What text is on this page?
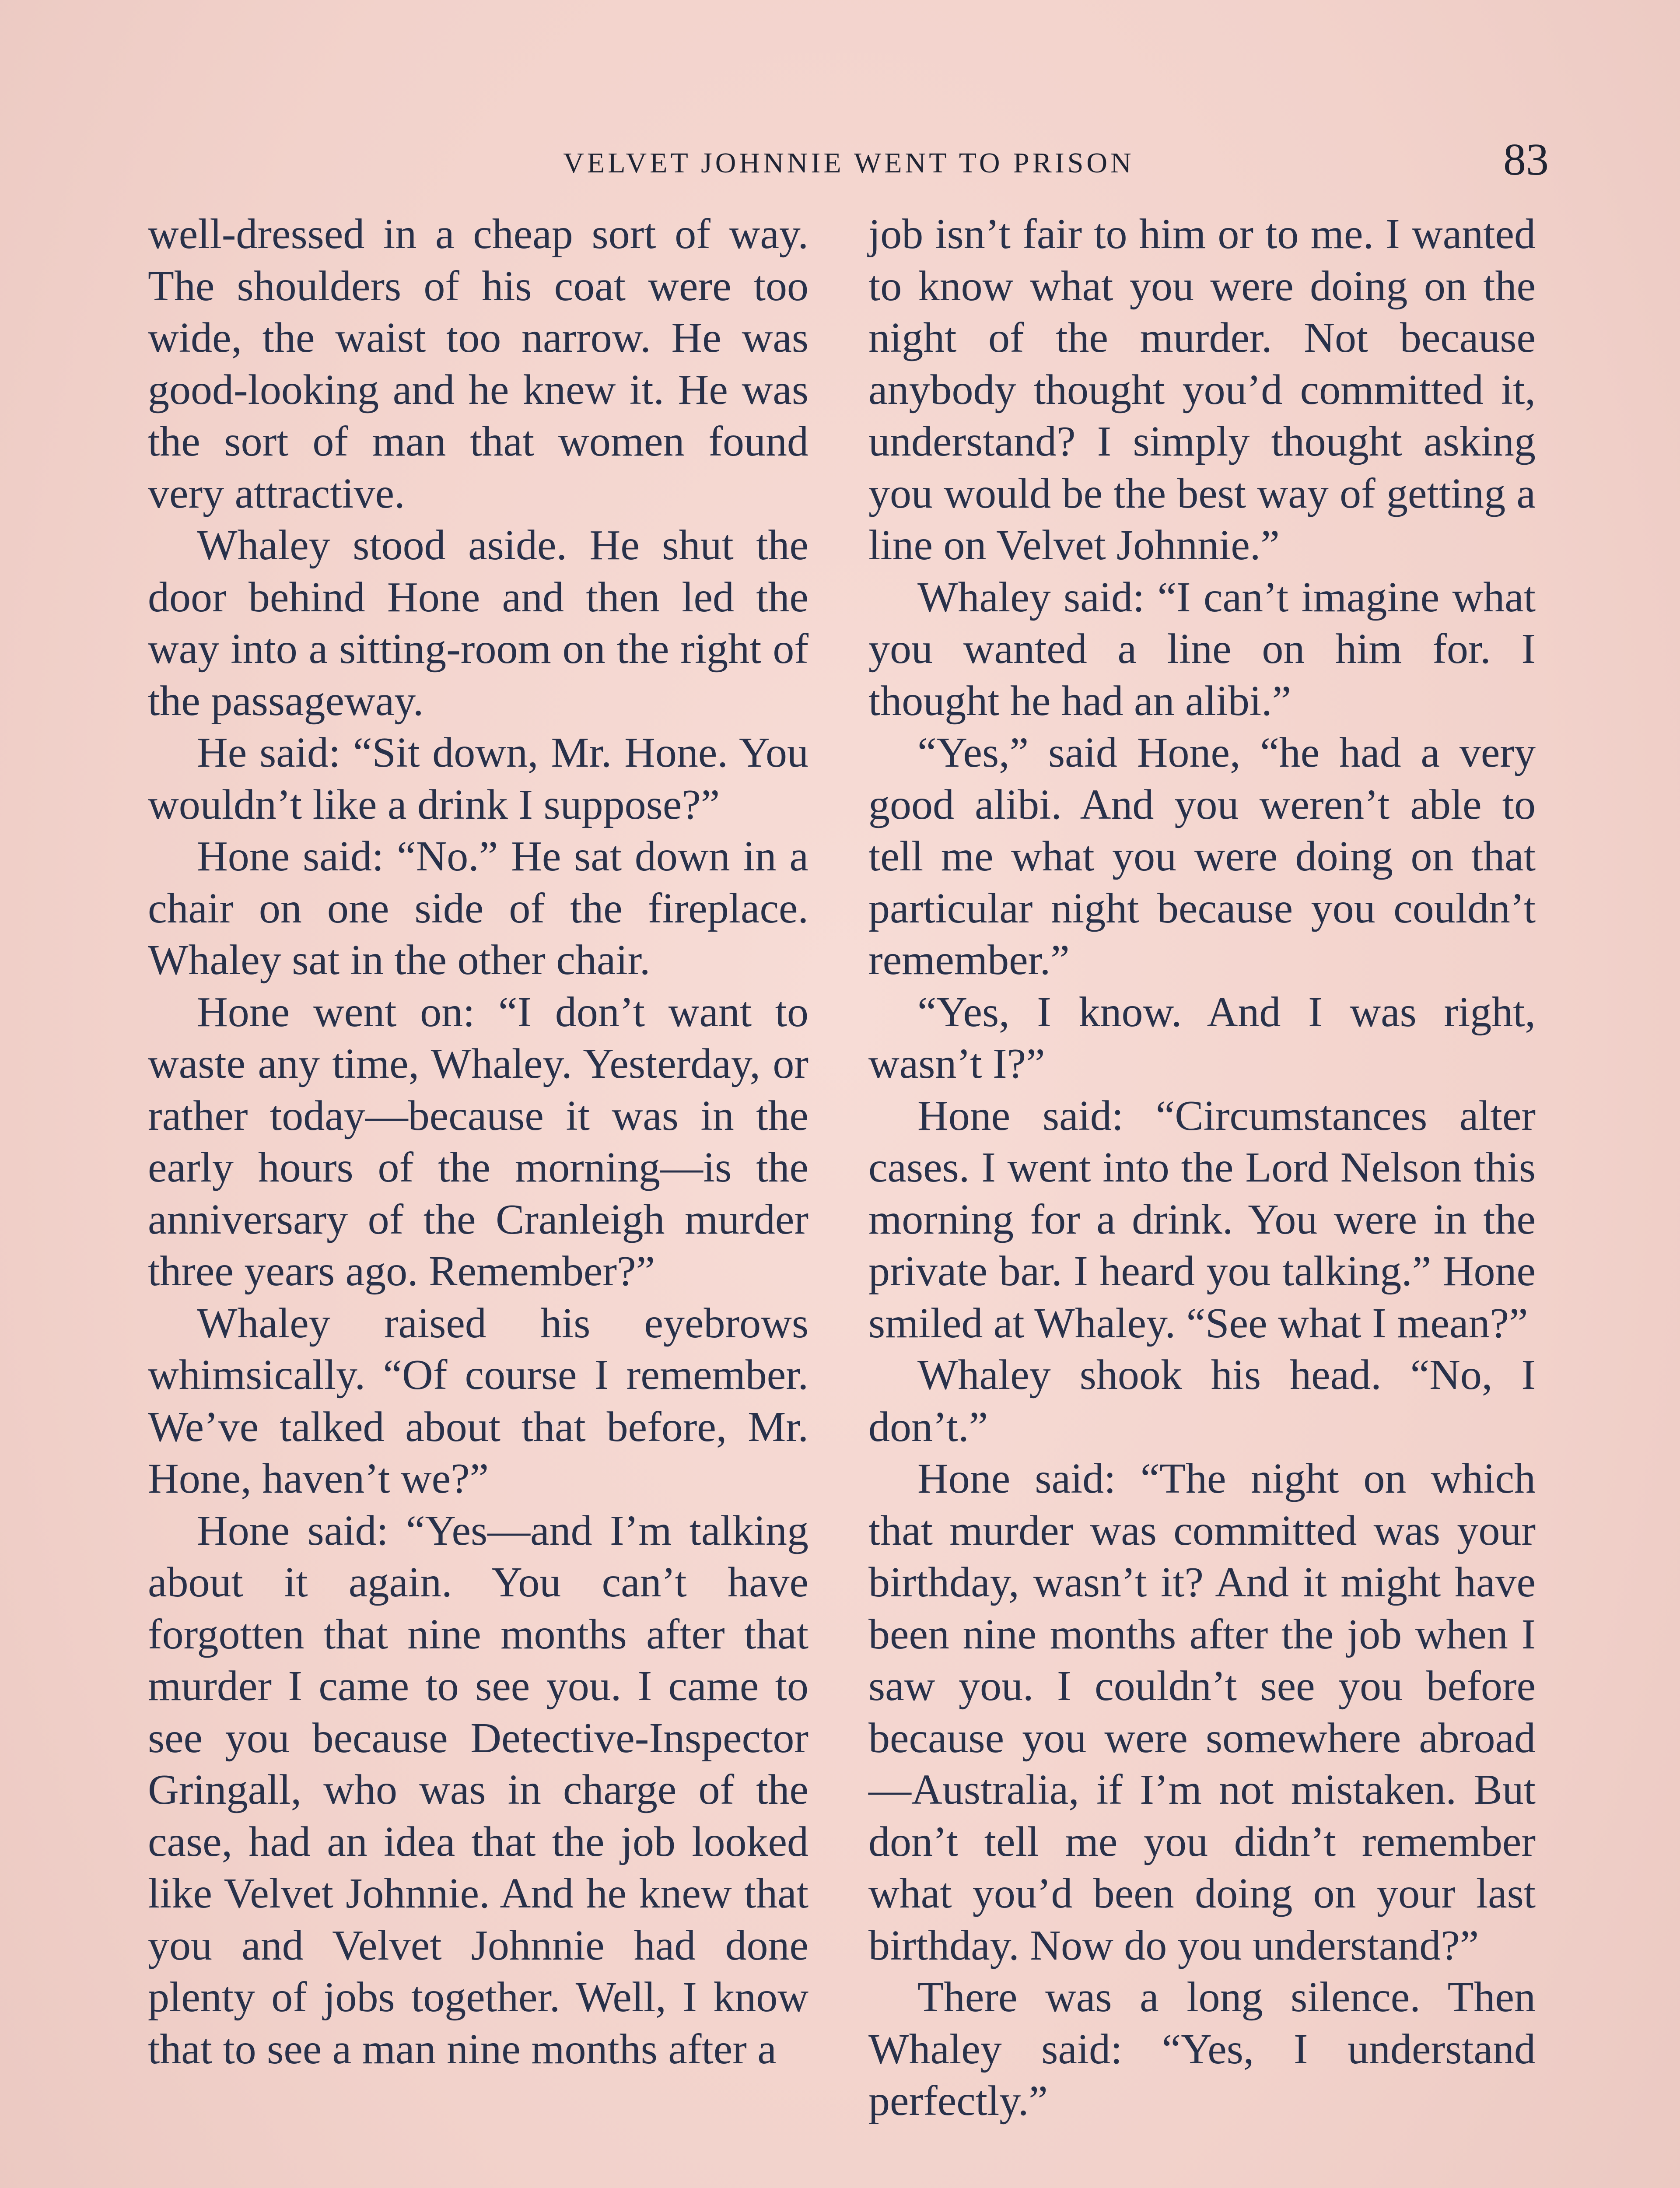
VELVET JOHNNIE WENT TO PRISON	83

well-dressed in a cheap sort of way. The shoulders of his coat were too wide, the waist too narrow. He was good-looking and he knew it. He was the sort of man that women found very attractive.

Whaley stood aside. He shut the door behind Hone and then led the way into a sitting-room on the right of the passageway.

He said: “Sit down, Mr. Hone. You wouldn’t like a drink I suppose?”

Hone said: “No.” He sat down in a chair on one side of the fireplace. Whaley sat in the other chair.

Hone went on: “I don’t want to waste any time, Whaley. Yesterday, or rather today—because it was in the early hours of the morning—is the anniversary of the Cranleigh murder three years ago. Remember?”

Whaley raised his eyebrows whimsically. “Of course I remember. We’ve talked about that before, Mr. Hone, haven’t we?”

Hone said: “Yes—and I’m talking about it again. You can’t have forgotten that nine months after that murder I came to see you. I came to see you because Detective-Inspector Gringall, who was in charge of the case, had an idea that the job looked like Velvet Johnnie. And he knew that you and Velvet Johnnie had done plenty of jobs together. Well, I know that to see a man nine months after a

job isn’t fair to him or to me. I wanted to know what you were doing on the night of the murder. Not because anybody thought you’d committed it, understand? I simply thought asking you would be the best way of getting a line on Velvet Johnnie.”

Whaley said: “I can’t imagine what you wanted a line on him for. I thought he had an alibi.”

“Yes,” said Hone, “he had a very good alibi. And you weren’t able to tell me what you were doing on that particular night because you couldn’t remember.”

“Yes, I know. And I was right, wasn’t I?”

Hone said: “Circumstances alter cases. I went into the Lord Nelson this morning for a drink. You were in the private bar. I heard you talking.” Hone smiled at Whaley. “See what I mean?”

Whaley shook his head. “No, I don’t.”

Hone said: “The night on which that murder was committed was your birthday, wasn’t it? And it might have been nine months after the job when I saw you. I couldn’t see you before because you were somewhere abroad—Australia, if I’m not mistaken. But don’t tell me you didn’t remember what you’d been doing on your last birthday. Now do you understand?”

There was a long silence. Then Whaley said: “Yes, I understand perfectly.”
